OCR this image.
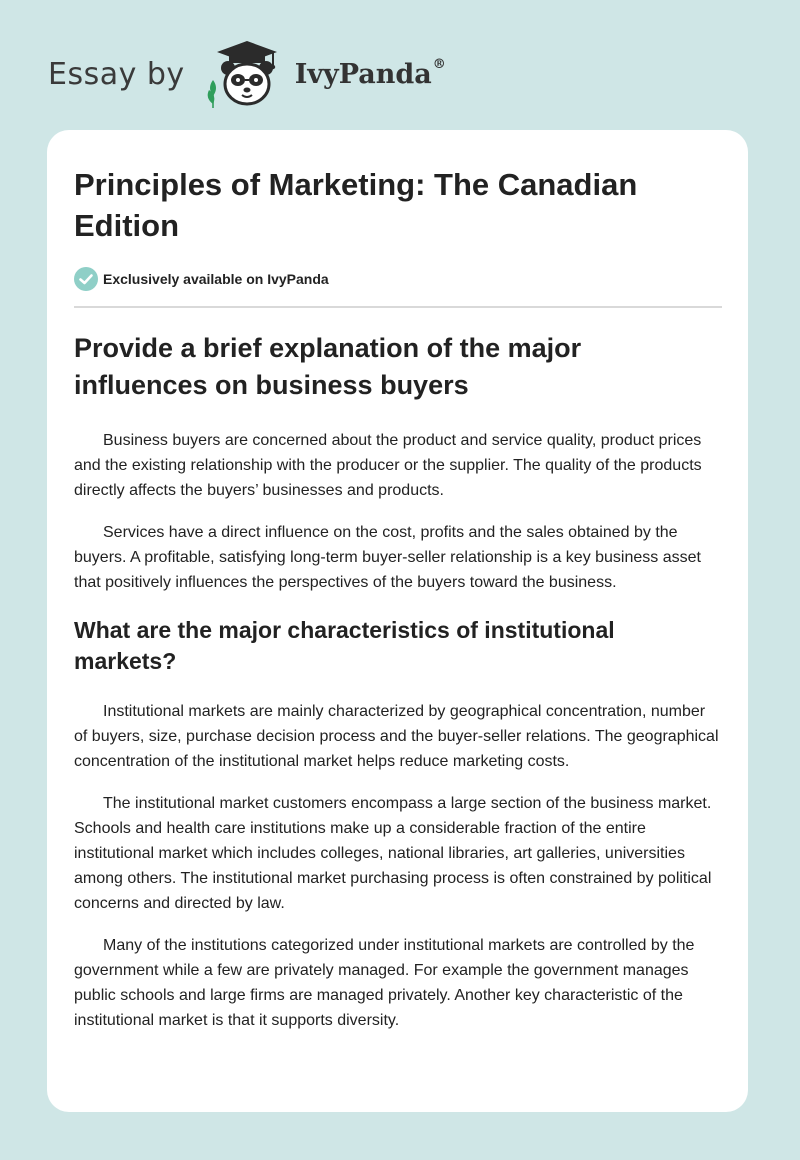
Essay by	IvyPanda®
Principles of Marketing: The Canadian Edition
Exclusively available on IvyPanda
Provide a brief explanation of the major influences on business buyers

Business buyers are concerned about the product and service quality, product prices and the existing relationship with the producer or the supplier. The quality of the products directly affects the buyers’ businesses and products.

Services have a direct influence on the cost, profits and the sales obtained by the buyers. A profitable, satisfying long-term buyer-seller relationship is a key business asset that positively influences the perspectives of the buyers toward the business.

What are the major characteristics of institutional markets?

Institutional markets are mainly characterized by geographical concentration, number of buyers, size, purchase decision process and the buyer-seller relations. The geographical concentration of the institutional market helps reduce marketing costs.

The institutional market customers encompass a large section of the business market. Schools and health care institutions make up a considerable fraction of the entire institutional market which includes colleges, national libraries, art galleries, universities among others. The institutional market purchasing process is often constrained by political concerns and directed by law.

Many of the institutions categorized under institutional markets are controlled by the government while a few are privately managed. For example the government manages public schools and large firms are managed privately. Another key characteristic of the institutional market is that it supports diversity.
